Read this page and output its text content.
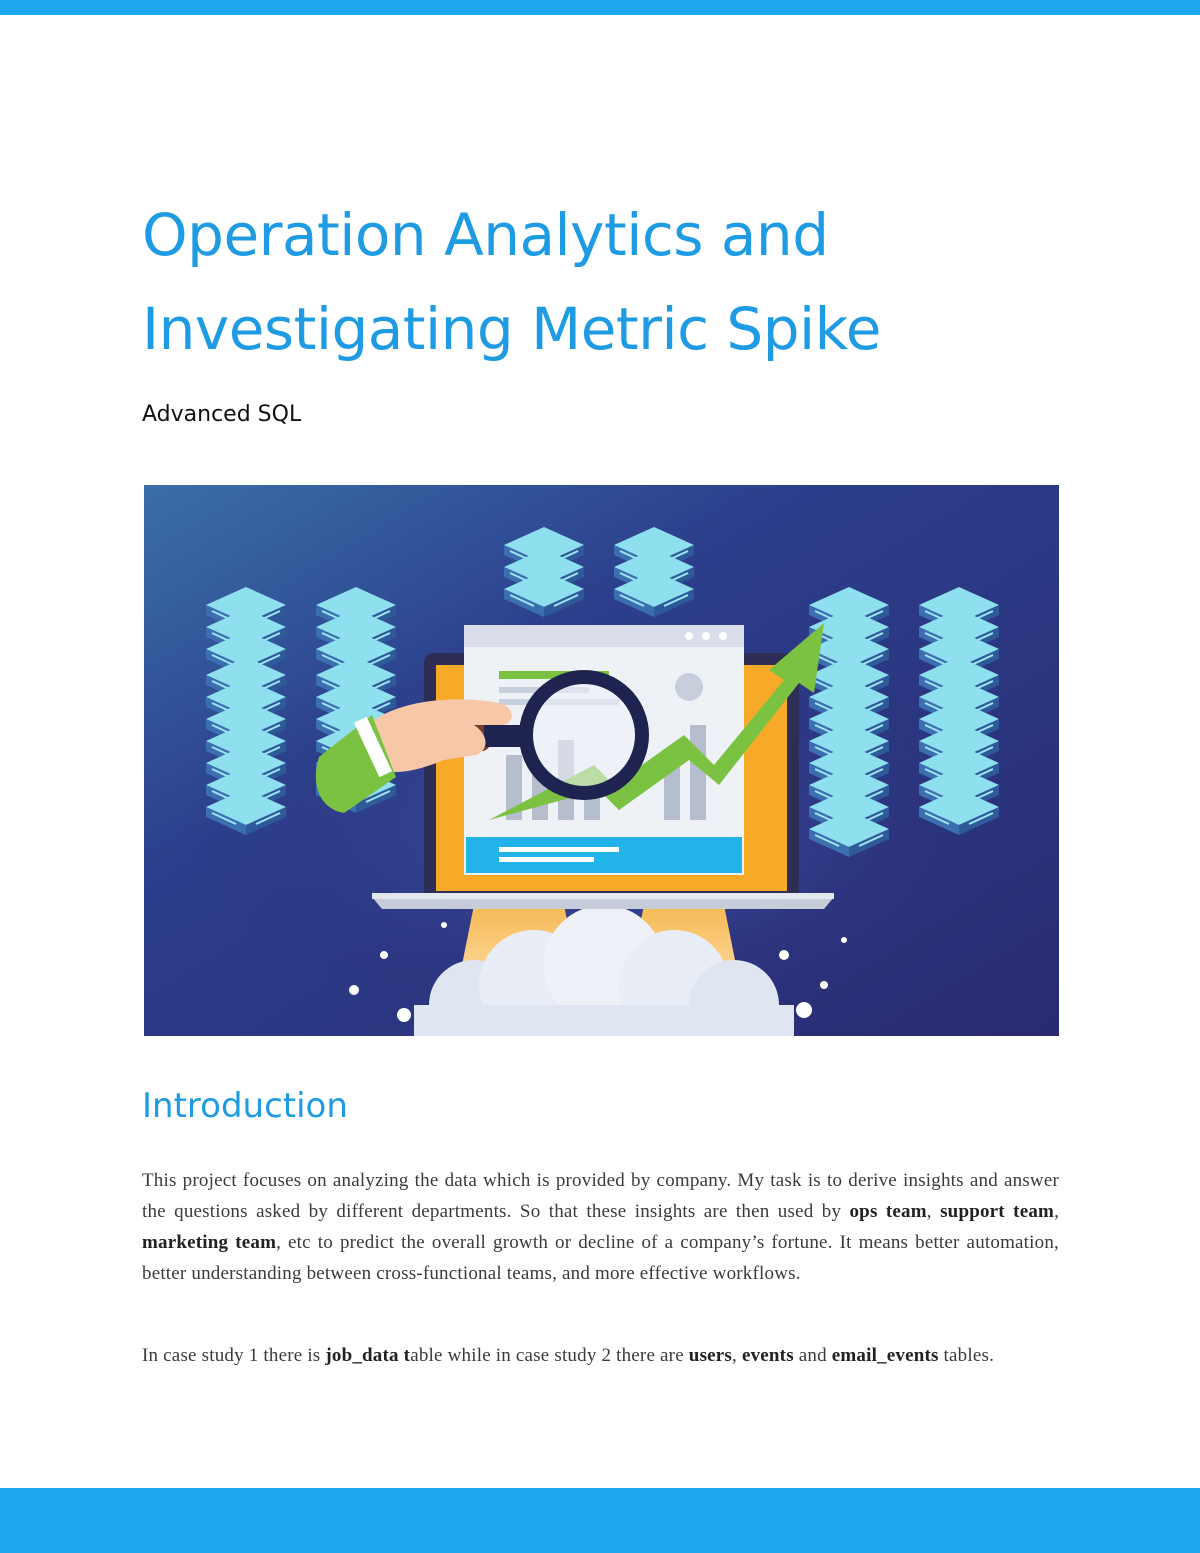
Operation Analytics and
Investigating Metric Spike
Advanced SQL
Introduction

This project focuses on analyzing the data which is provided by company. My task is to derive insights and answer the questions asked by different departments. So that these insights are then used by ops team, support team, marketing team, etc to predict the overall growth or decline of a company’s fortune. It means better automation, better understanding between cross-functional teams, and more effective workflows.

In case study 1 there is job_data table while in case study 2 there are users, events and email_events tables.
